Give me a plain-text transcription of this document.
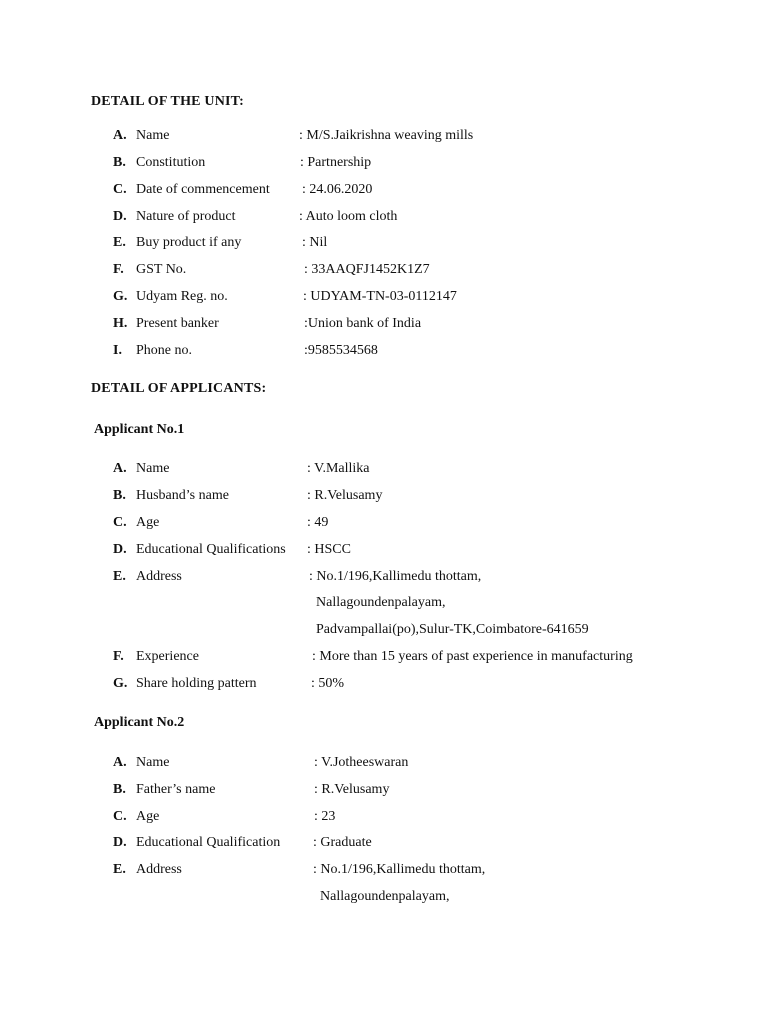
DETAIL OF THE UNIT:
A. Name	: M/S.Jaikrishna weaving mills
B. Constitution	: Partnership
C. Date of commencement : 24.06.2020
D. Nature of product	: Auto loom cloth
E. Buy product if any	: Nil
F. GST No.	: 33AAQFJ1452K1Z7
G. Udyam Reg. no.	: UDYAM-TN-03-0112147
H. Present banker	:Union bank of India
I. Phone no.	:9585534568
DETAIL OF APPLICANTS:
Applicant No.1
A. Name	: V.Mallika
B. Husband’s name	: R.Velusamy
C. Age	: 49
D. Educational Qualifications : HSCC
E. Address	: No.1/196,Kallimedu thottam,
Nallagoundenpalayam,
Padvampallai(po),Sulur-TK,Coimbatore-641659
F. Experience	: More than 15 years of past experience in manufacturing
G. Share holding pattern	: 50%
Applicant No.2
A. Name	: V.Jotheeswaran
B. Father’s name	: R.Velusamy
C. Age	: 23
D. Educational Qualification : Graduate
E. Address	: No.1/196,Kallimedu thottam,
Nallagoundenpalayam,
